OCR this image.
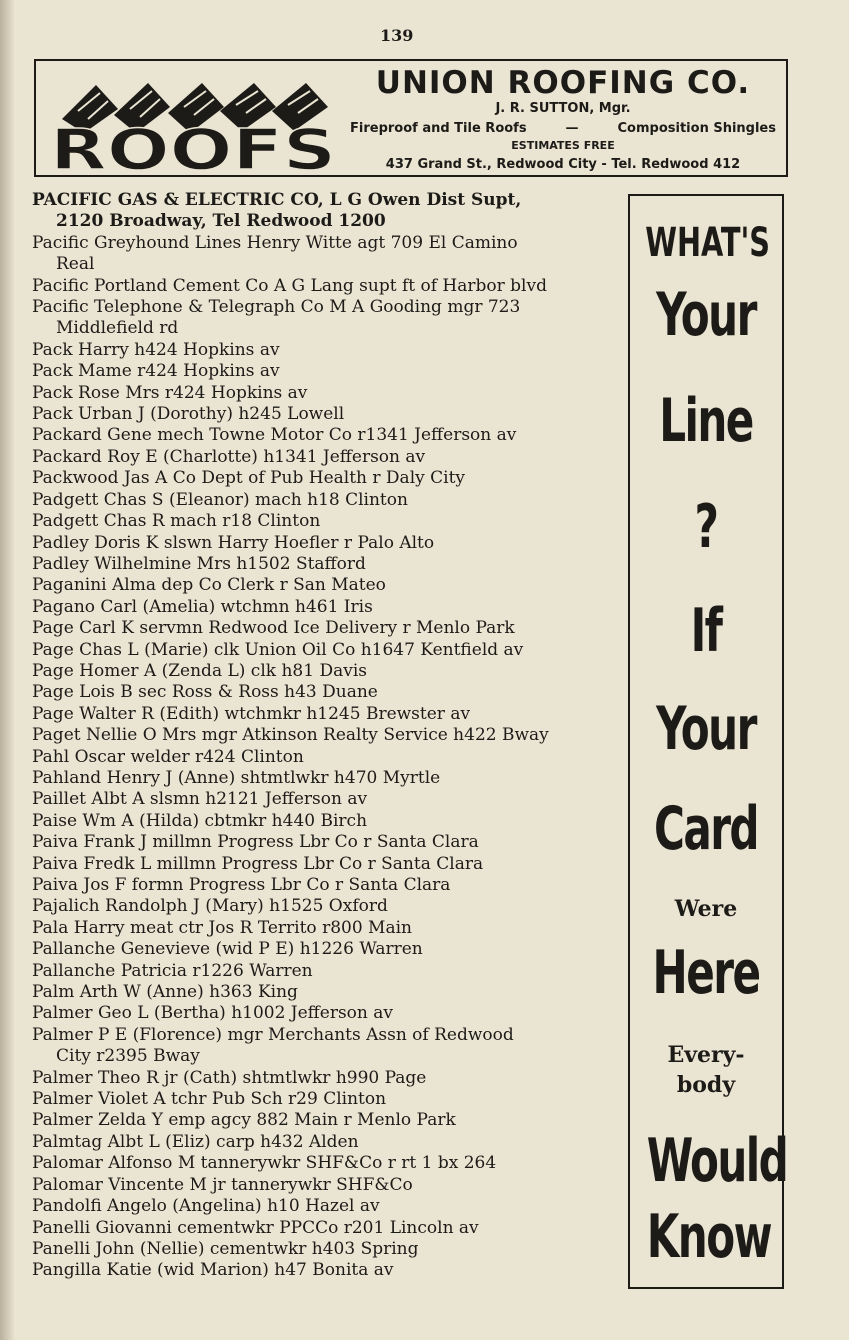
139
ROOFS
UNION ROOFING CO.
J. R. SUTTON, Mgr.
Fireproof and Tile Roofs	—	Composition Shingles
ESTIMATES FREE
437 Grand St., Redwood City - Tel. Redwood 412
PACIFIC GAS & ELECTRIC CO, L G Owen Dist Supt,
2120 Broadway, Tel Redwood 1200
Pacific Greyhound Lines Henry Witte agt 709 El Camino
Real
Pacific Portland Cement Co A G Lang supt ft of Harbor blvd
Pacific Telephone & Telegraph Co M A Gooding mgr 723
Middlefield rd
Pack Harry h424 Hopkins av
Pack Mame r424 Hopkins av
Pack Rose Mrs r424 Hopkins av
Pack Urban J (Dorothy) h245 Lowell
Packard Gene mech Towne Motor Co r1341 Jefferson av
Packard Roy E (Charlotte) h1341 Jefferson av
Packwood Jas A Co Dept of Pub Health r Daly City
Padgett Chas S (Eleanor) mach h18 Clinton
Padgett Chas R mach r18 Clinton
Padley Doris K slswn Harry Hoefler r Palo Alto
Padley Wilhelmine Mrs h1502 Stafford
Paganini Alma dep Co Clerk r San Mateo
Pagano Carl (Amelia) wtchmn h461 Iris
Page Carl K servmn Redwood Ice Delivery r Menlo Park
Page Chas L (Marie) clk Union Oil Co h1647 Kentfield av
Page Homer A (Zenda L) clk h81 Davis
Page Lois B sec Ross & Ross h43 Duane
Page Walter R (Edith) wtchmkr h1245 Brewster av
Paget Nellie O Mrs mgr Atkinson Realty Service h422 Bway
Pahl Oscar welder r424 Clinton
Pahland Henry J (Anne) shtmtlwkr h470 Myrtle
Paillet Albt A slsmn h2121 Jefferson av
Paise Wm A (Hilda) cbtmkr h440 Birch
Paiva Frank J millmn Progress Lbr Co r Santa Clara
Paiva Fredk L millmn Progress Lbr Co r Santa Clara
Paiva Jos F formn Progress Lbr Co r Santa Clara
Pajalich Randolph J (Mary) h1525 Oxford
Pala Harry meat ctr Jos R Territo r800 Main
Pallanche Genevieve (wid P E) h1226 Warren
Pallanche Patricia r1226 Warren
Palm Arth W (Anne) h363 King
Palmer Geo L (Bertha) h1002 Jefferson av
Palmer P E (Florence) mgr Merchants Assn of Redwood
City r2395 Bway
Palmer Theo R jr (Cath) shtmtlwkr h990 Page
Palmer Violet A tchr Pub Sch r29 Clinton
Palmer Zelda Y emp agcy 882 Main r Menlo Park
Palmtag Albt L (Eliz) carp h432 Alden
Palomar Alfonso M tannerywkr SHF&Co r rt 1 bx 264
Palomar Vincente M jr tannerywkr SHF&Co
Pandolfi Angelo (Angelina) h10 Hazel av
Panelli Giovanni cementwkr PPCCo r201 Lincoln av
Panelli John (Nellie) cementwkr h403 Spring
Pangilla Katie (wid Marion) h47 Bonita av
WHAT'S
Your
Line
?
If
Your
Card
Were
Here
Every-
body
Would
Know
